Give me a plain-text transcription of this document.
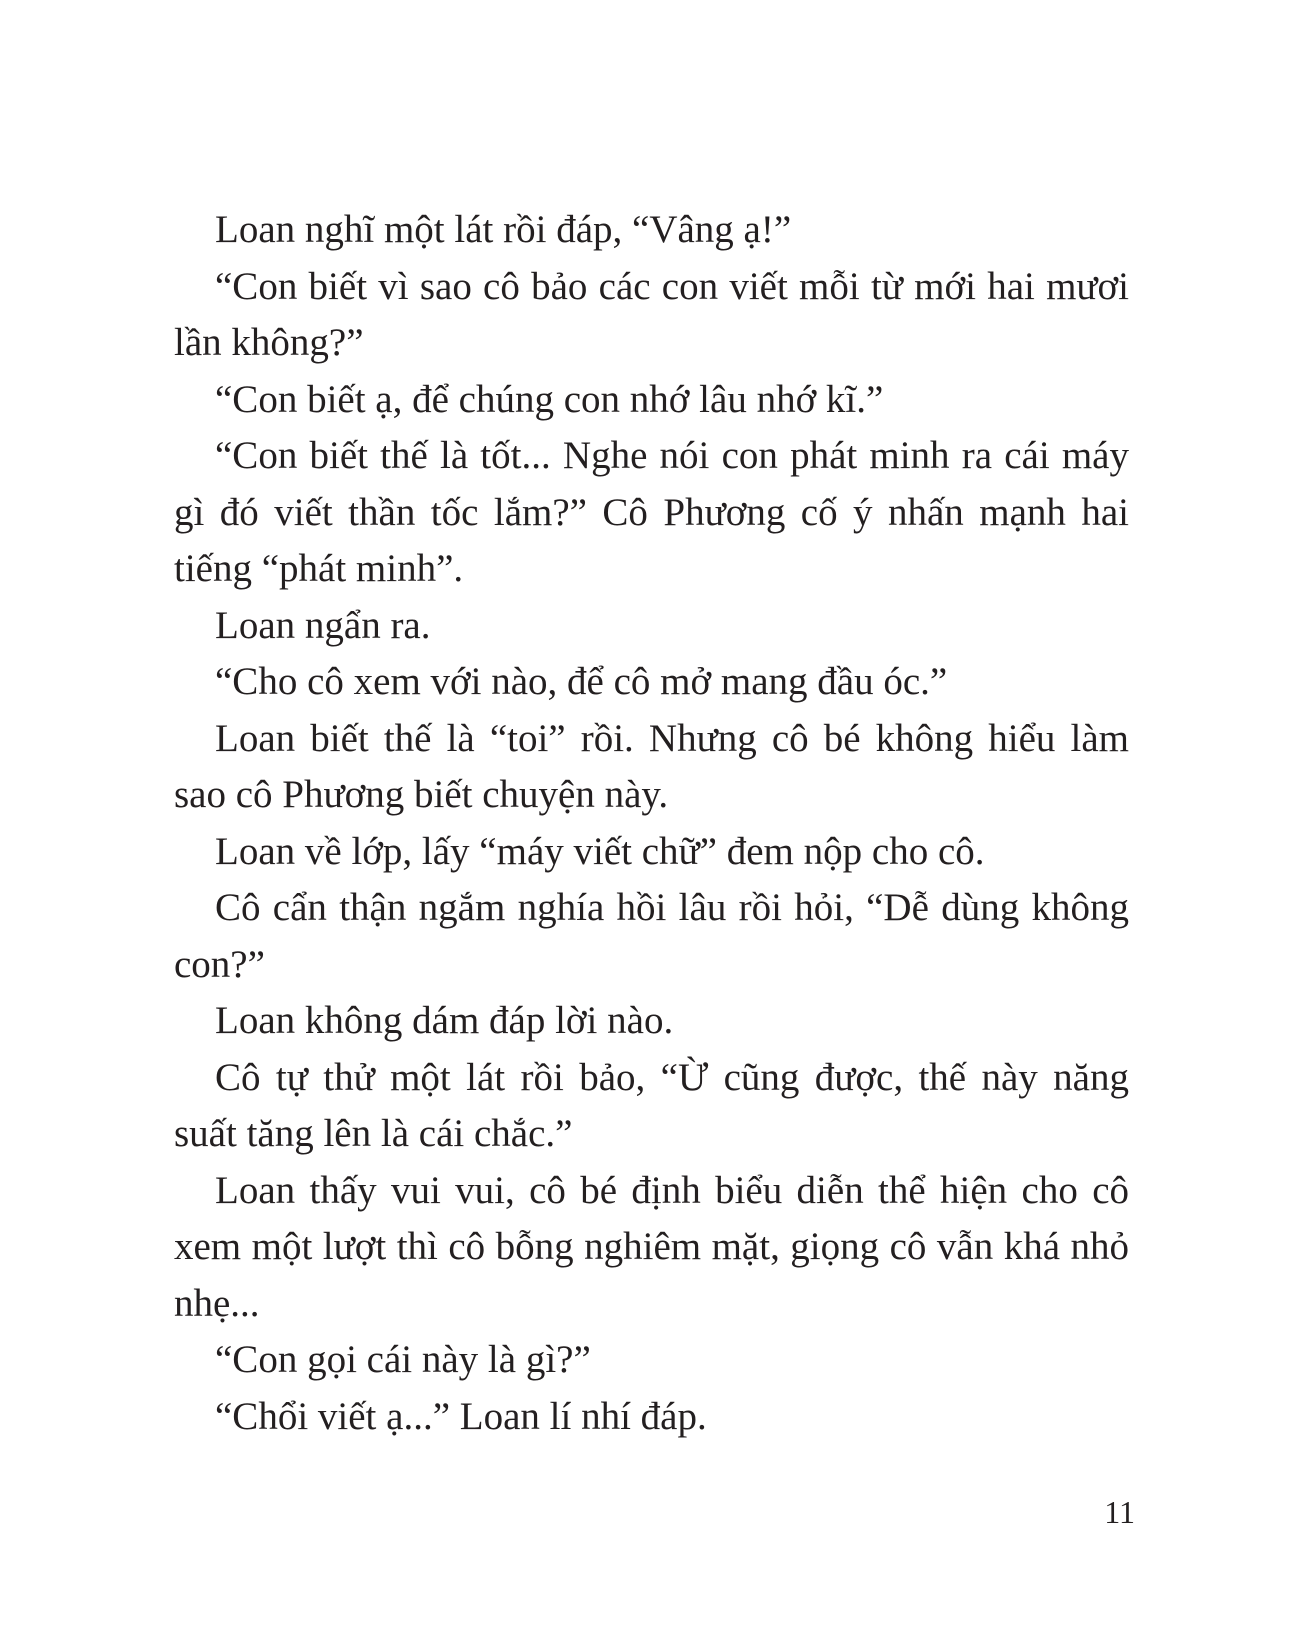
Loan nghĩ một lát rồi đáp, “Vâng ạ!”

“Con biết vì sao cô bảo các con viết mỗi từ mới hai mươi lần không?”

“Con biết ạ, để chúng con nhớ lâu nhớ kĩ.”

“Con biết thế là tốt... Nghe nói con phát minh ra cái máy gì đó viết thần tốc lắm?” Cô Phương cố ý nhấn mạnh hai tiếng “phát minh”.

Loan ngẩn ra.

“Cho cô xem với nào, để cô mở mang đầu óc.”

Loan biết thế là “toi” rồi. Nhưng cô bé không hiểu làm sao cô Phương biết chuyện này.

Loan về lớp, lấy “máy viết chữ” đem nộp cho cô.

Cô cẩn thận ngắm nghía hồi lâu rồi hỏi, “Dễ dùng không con?”

Loan không dám đáp lời nào.

Cô tự thử một lát rồi bảo, “Ừ cũng được, thế này năng suất tăng lên là cái chắc.”

Loan thấy vui vui, cô bé định biểu diễn thể hiện cho cô xem một lượt thì cô bỗng nghiêm mặt, giọng cô vẫn khá nhỏ nhẹ...

“Con gọi cái này là gì?”

“Chổi viết ạ...” Loan lí nhí đáp.

11
